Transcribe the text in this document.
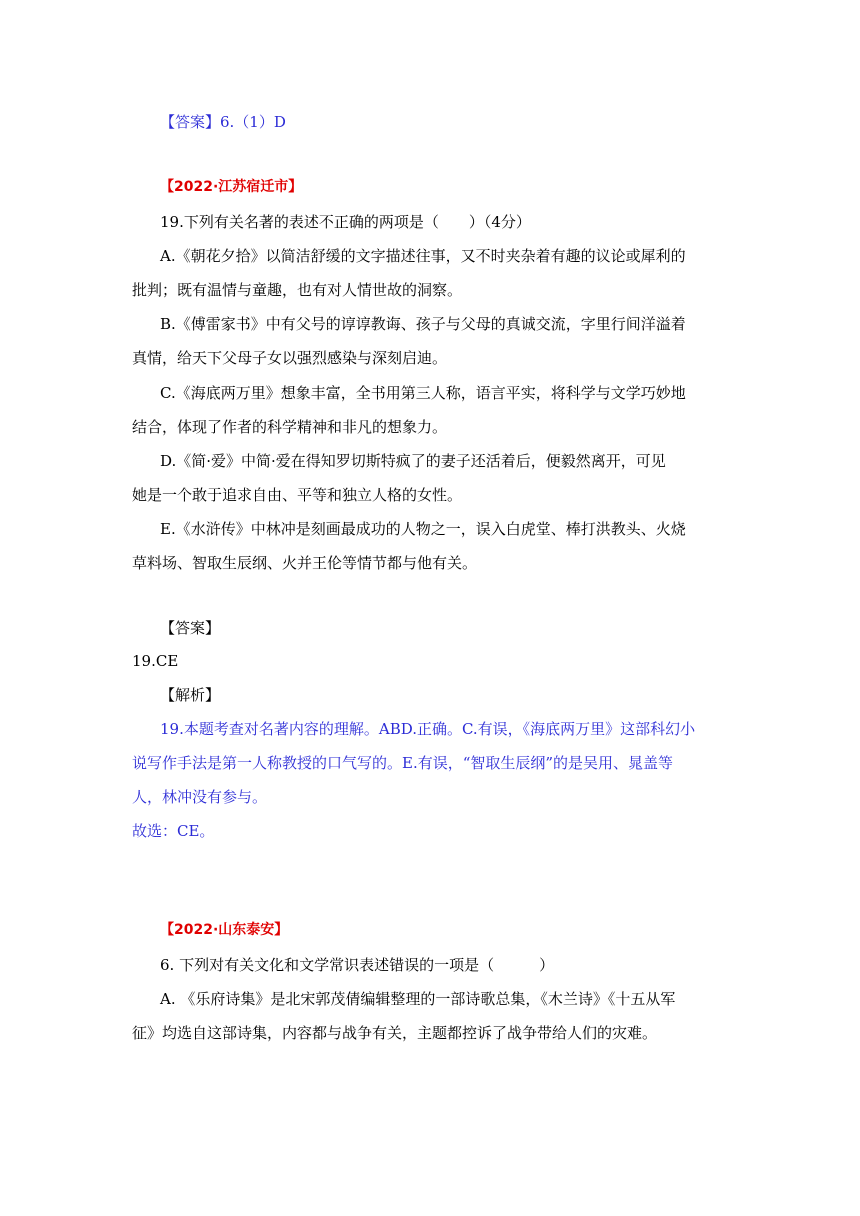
【答案】6.（1）D
【2022·江苏宿迁市】
19.下列有关名著的表述不正确的两项是（　　）（4分）
A.《朝花夕拾》以简洁舒缓的文字描述往事，又不时夹杂着有趣的议论或犀利的
批判；既有温情与童趣，也有对人情世故的洞察。
B.《傅雷家书》中有父号的谆谆教诲、孩子与父母的真诚交流，字里行间洋溢着
真情，给天下父母子女以强烈感染与深刻启迪。
C.《海底两万里》想象丰富，全书用第三人称，语言平实，将科学与文学巧妙地
结合，体现了作者的科学精神和非凡的想象力。
D.《简·爱》中简·爱在得知罗切斯特疯了的妻子还活着后，便毅然离开，可见
她是一个敢于追求自由、平等和独立人格的女性。
E.《水浒传》中林冲是刻画最成功的人物之一，误入白虎堂、棒打洪教头、火烧
草料场、智取生辰纲、火并王伦等情节都与他有关。
【答案】
19.CE
【解析】
19.本题考查对名著内容的理解。ABD.正确。C.有误，《海底两万里》这部科幻小
说写作手法是第一人称教授的口气写的。E.有误，“智取生辰纲”的是吴用、晁盖等
人，林冲没有参与。
故选：CE。
【2022·山东泰安】
6. 下列对有关文化和文学常识表述错误的一项是（　　　）
A. 《乐府诗集》是北宋郭茂倩编辑整理的一部诗歌总集，《木兰诗》《十五从军
征》均选自这部诗集，内容都与战争有关，主题都控诉了战争带给人们的灾难。
